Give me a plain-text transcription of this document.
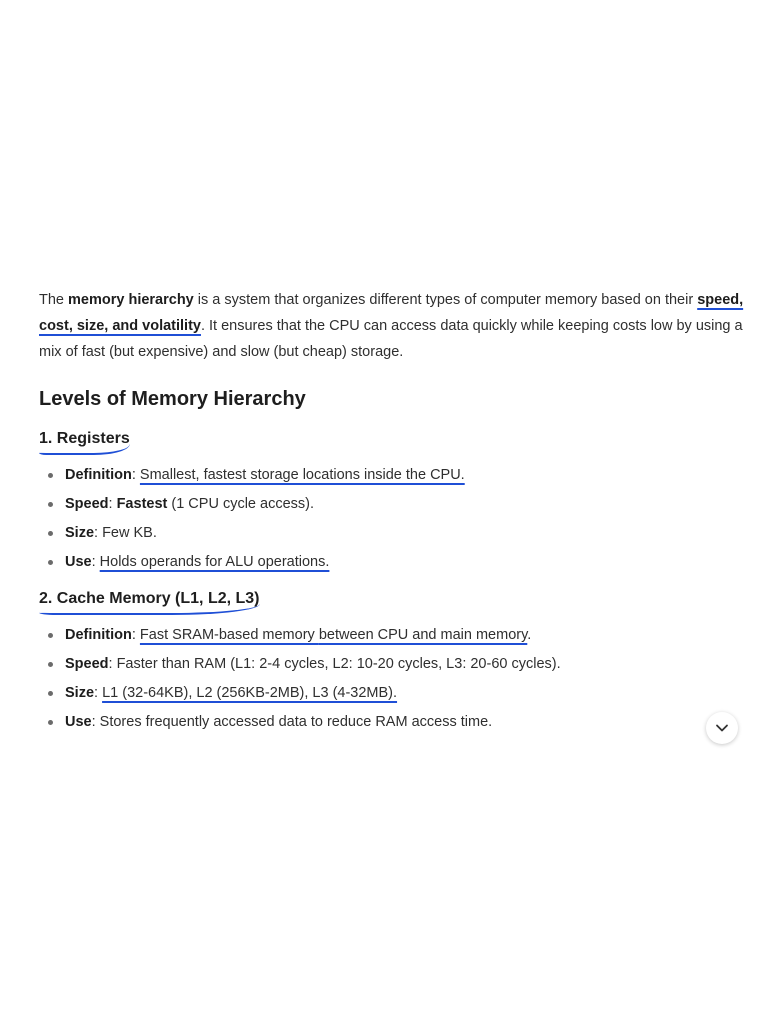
The memory hierarchy is a system that organizes different types of computer memory based on their speed, cost, size, and volatility. It ensures that the CPU can access data quickly while keeping costs low by using a mix of fast (but expensive) and slow (but cheap) storage.

Levels of Memory Hierarchy
1. Registers
Definition: Smallest, fastest storage locations inside the CPU.
Speed: Fastest (1 CPU cycle access).
Size: Few KB.
Use: Holds operands for ALU operations.
2. Cache Memory (L1, L2, L3)
Definition: Fast SRAM-based memory between CPU and main memory.
Speed: Faster than RAM (L1: 2-4 cycles, L2: 10-20 cycles, L3: 20-60 cycles).
Size: L1 (32-64KB), L2 (256KB-2MB), L3 (4-32MB).
Use: Stores frequently accessed data to reduce RAM access time.
